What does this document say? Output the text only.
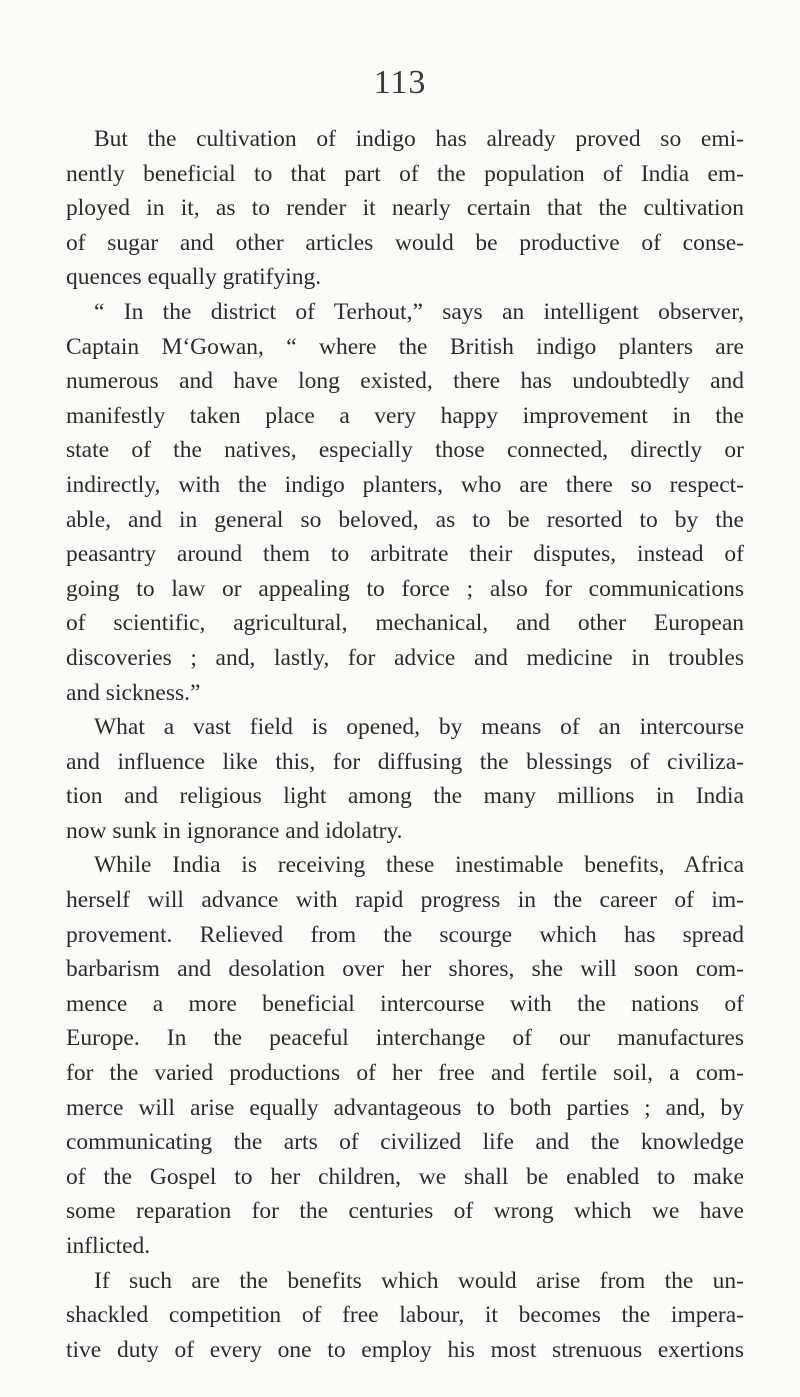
113
But the cultivation of indigo has already proved so emi-
nently beneficial to that part of the population of India em-
ployed in it, as to render it nearly certain that the cultivation
of sugar and other articles would be productive of conse-
quences equally gratifying.
“ In the district of Terhout,” says an intelligent observer,
Captain M‘Gowan, “ where the British indigo planters are
numerous and have long existed, there has undoubtedly and
manifestly taken place a very happy improvement in the
state of the natives, especially those connected, directly or
indirectly, with the indigo planters, who are there so respect-
able, and in general so beloved, as to be resorted to by the
peasantry around them to arbitrate their disputes, instead of
going to law or appealing to force ; also for communications
of scientific, agricultural, mechanical, and other European
discoveries ; and, lastly, for advice and medicine in troubles
and sickness.”
What a vast field is opened, by means of an intercourse
and influence like this, for diffusing the blessings of civiliza-
tion and religious light among the many millions in India
now sunk in ignorance and idolatry.
While India is receiving these inestimable benefits, Africa
herself will advance with rapid progress in the career of im-
provement. Relieved from the scourge which has spread
barbarism and desolation over her shores, she will soon com-
mence a more beneficial intercourse with the nations of
Europe. In the peaceful interchange of our manufactures
for the varied productions of her free and fertile soil, a com-
merce will arise equally advantageous to both parties ; and, by
communicating the arts of civilized life and the knowledge
of the Gospel to her children, we shall be enabled to make
some reparation for the centuries of wrong which we have
inflicted.
If such are the benefits which would arise from the un-
shackled competition of free labour, it becomes the impera-
tive duty of every one to employ his most strenuous exertions
